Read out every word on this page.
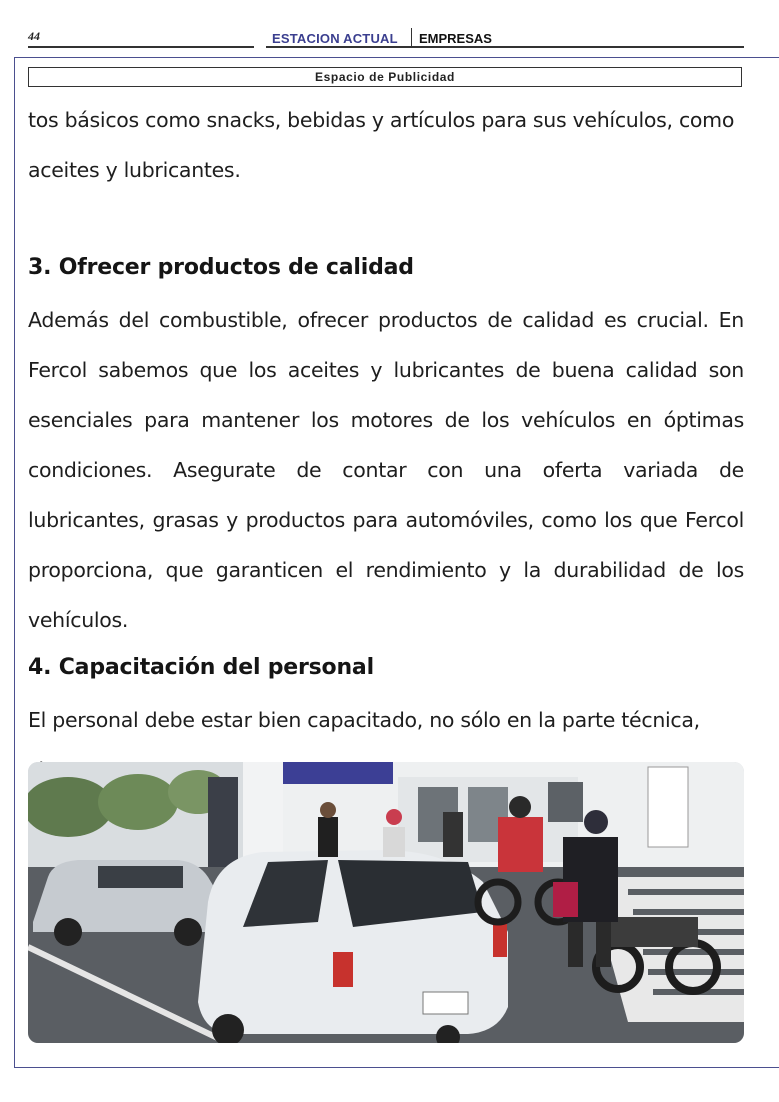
44	ESTACION ACTUAL EMPRESAS
Espacio de Publicidad
tos básicos como snacks, bebidas y artículos para sus vehículos, como aceites y lubricantes.
3. Ofrecer productos de calidad
Además del combustible, ofrecer productos de calidad es crucial. En Fercol sabemos que los aceites y lubricantes de buena calidad son esenciales para mantener los motores de los vehículos en óptimas condiciones. Asegurate de contar con una oferta variada de lubricantes, grasas y productos para automóviles, como los que Fercol proporciona, que garanticen el rendimiento y la durabilidad de los vehículos.
4. Capacitación del personal
El personal debe estar bien capacitado, no sólo en la parte técnica,
